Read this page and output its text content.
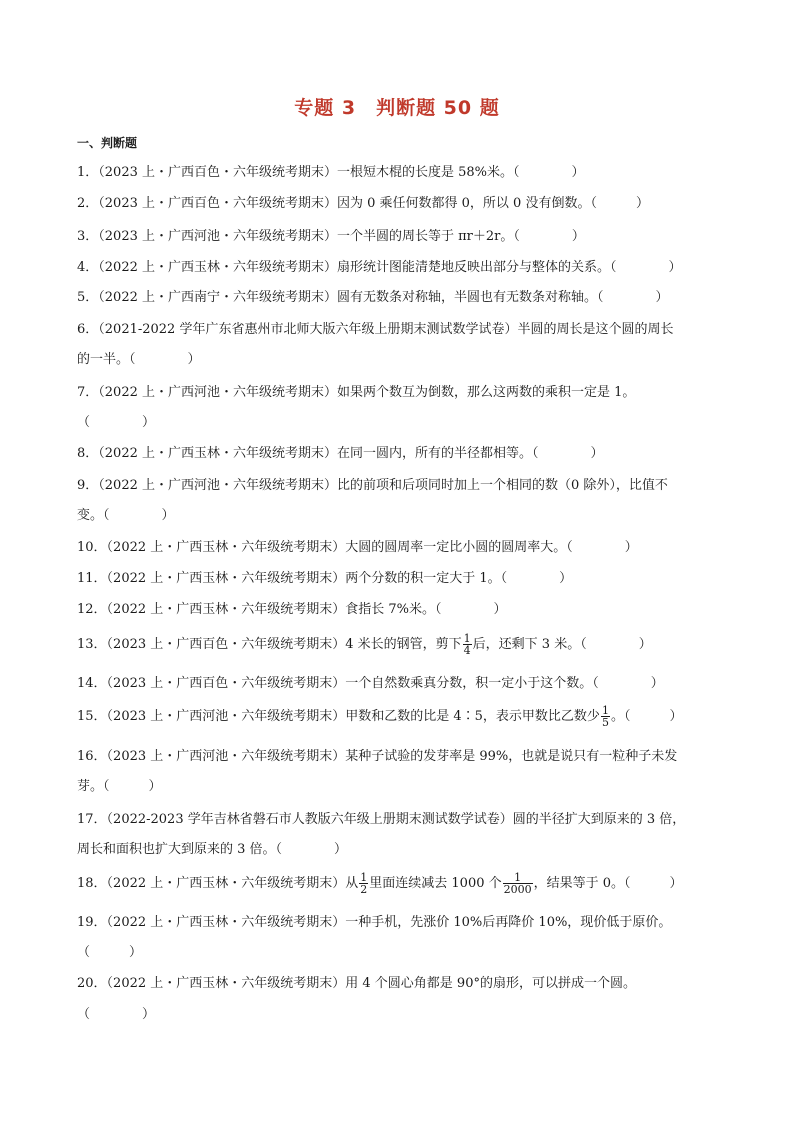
专题 3　判断题 50 题
一、判断题
1．（2023 上・广西百色・六年级统考期末）一根短木棍的长度是 58%米。（　　　　）
2．（2023 上・广西百色・六年级统考期末）因为 0 乘任何数都得 0，所以 0 没有倒数。（　　　）
3．（2023 上・广西河池・六年级统考期末）一个半圆的周长等于 πr＋2r。（　　　　）
4．（2022 上・广西玉林・六年级统考期末）扇形统计图能清楚地反映出部分与整体的关系。（　　　　）
5．（2022 上・广西南宁・六年级统考期末）圆有无数条对称轴，半圆也有无数条对称轴。（　　　　）
6．（2021-2022 学年广东省惠州市北师大版六年级上册期末测试数学试卷）半圆的周长是这个圆的周长
的一半。（　　　　）
7．（2022 上・广西河池・六年级统考期末）如果两个数互为倒数，那么这两数的乘积一定是 1。
（　　　　）
8．（2022 上・广西玉林・六年级统考期末）在同一圆内，所有的半径都相等。（　　　　）
9．（2022 上・广西河池・六年级统考期末）比的前项和后项同时加上一个相同的数（0 除外），比值不
变。（　　　　）
10．（2022 上・广西玉林・六年级统考期末）大圆的圆周率一定比小圆的圆周率大。（　　　　）
11．（2022 上・广西玉林・六年级统考期末）两个分数的积一定大于 1。（　　　　）
12．（2022 上・广西玉林・六年级统考期末）食指长 7%米。（　　　　）
13．（2023 上・广西百色・六年级统考期末）4 米长的钢管，剪下 $\frac{1}{4}$ 后，还剩下 3 米。（　　　　）
14．（2023 上・广西百色・六年级统考期末）一个自然数乘真分数，积一定小于这个数。（　　　　）
15．（2023 上・广西河池・六年级统考期末）甲数和乙数的比是 4∶5，表示甲数比乙数少 $\frac{1}{5}$ 。（　　　）
16．（2023 上・广西河池・六年级统考期末）某种子试验的发芽率是 99%，也就是说只有一粒种子未发
芽。（　　　）
17．（2022-2023 学年吉林省磐石市人教版六年级上册期末测试数学试卷）圆的半径扩大到原来的 3 倍，
周长和面积也扩大到原来的 3 倍。（　　　　）
18．（2022 上・广西玉林・六年级统考期末）从 $\frac{1}{2}$ 里面连续减去 1000 个 $\frac{1}{2000}$ ，结果等于 0。（　　　）
19．（2022 上・广西玉林・六年级统考期末）一种手机，先涨价 10%后再降价 10%，现价低于原价。
（　　　）
20．（2022 上・广西玉林・六年级统考期末）用 4 个圆心角都是 90°的扇形，可以拼成一个圆。
（　　　　）
